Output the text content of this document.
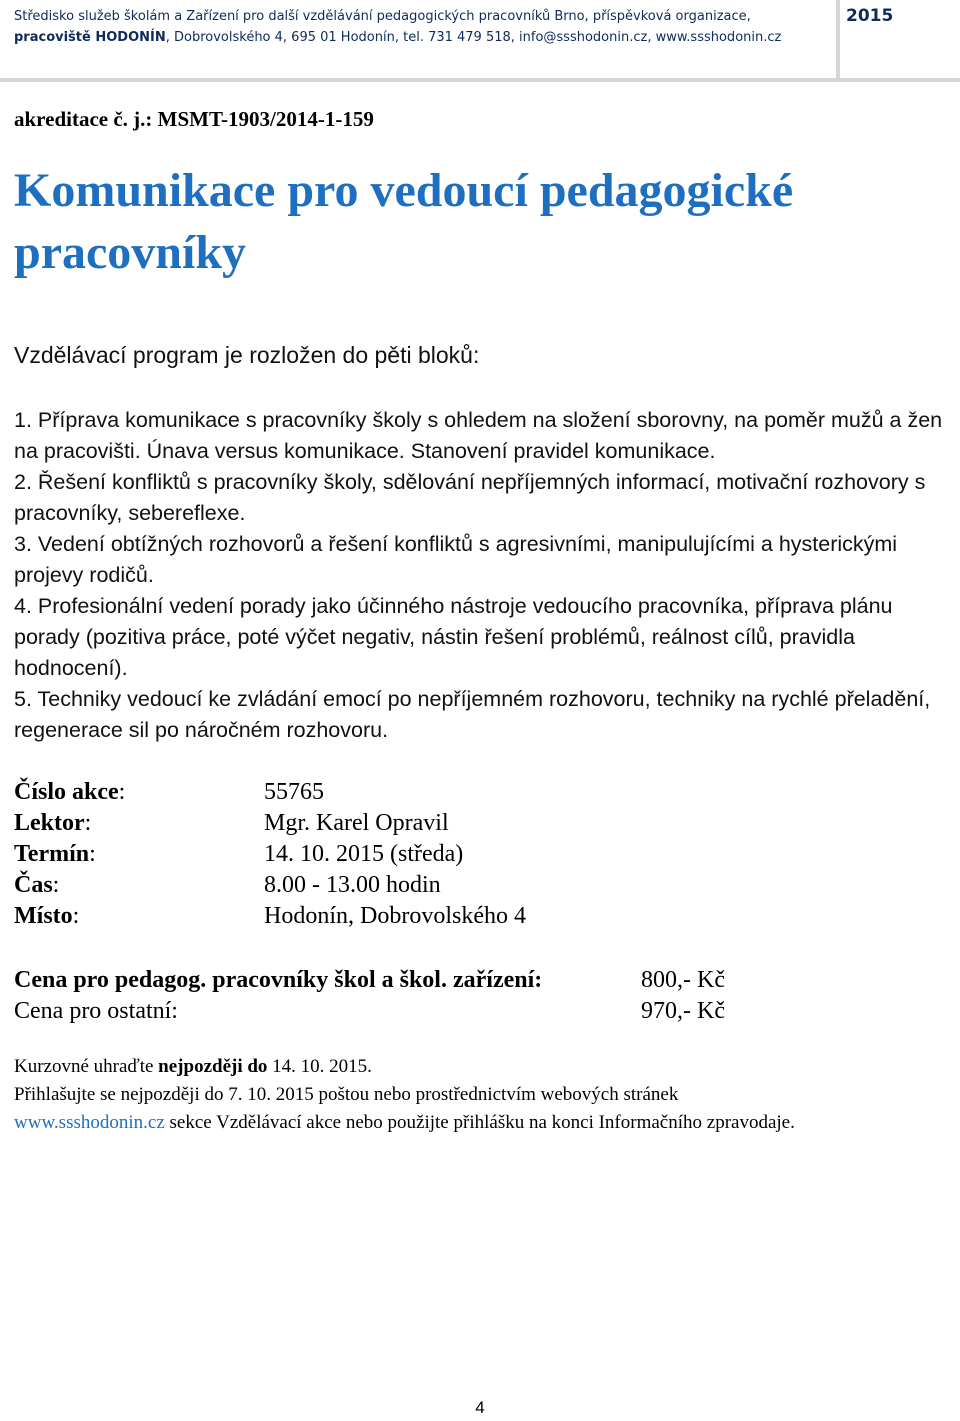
Středisko služeb školám a Zařízení pro další vzdělávání pedagogických pracovníků Brno, příspěvková organizace,
pracoviště HODONÍN, Dobrovolského 4, 695 01 Hodonín, tel. 731 479 518, info@ssshodonin.cz, www.ssshodonin.cz
2015
akreditace č. j.: MSMT-1903/2014-1-159
Komunikace pro vedoucí pedagogické pracovníky
Vzdělávací program je rozložen do pěti bloků:

1. Příprava komunikace s pracovníky školy s ohledem na složení sborovny, na poměr mužů a žen na pracovišti. Únava versus komunikace. Stanovení pravidel komunikace.

2. Řešení konfliktů s pracovníky školy, sdělování nepříjemných informací, motivační rozhovory s pracovníky, sebereflexe.

3. Vedení obtížných rozhovorů a řešení konfliktů s agresivními, manipulujícími a hysterickými projevy rodičů.

4. Profesionální vedení porady jako účinného nástroje vedoucího pracovníka, příprava plánu porady (pozitiva práce, poté výčet negativ, nástin řešení problémů, reálnost cílů, pravidla hodnocení).

5. Techniky vedoucí ke zvládání emocí po nepříjemném rozhovoru, techniky na rychlé přeladění, regenerace sil po náročném rozhovoru.

Číslo akce:	55765
Lektor:	Mgr. Karel Opravil
Termín:	14. 10. 2015 (středa)
Čas:	8.00 - 13.00 hodin
Místo:	Hodonín, Dobrovolského 4
Cena pro pedagog. pracovníky škol a škol. zařízení:	800,- Kč
Cena pro ostatní:	970,- Kč

Kurzovné uhraďte nejpozději do 14. 10. 2015.

Přihlašujte se nejpozději do 7. 10. 2015 poštou nebo prostřednictvím webových stránek

www.ssshodonin.cz sekce Vzdělávací akce nebo použijte přihlášku na konci Informačního zpravodaje.

4
